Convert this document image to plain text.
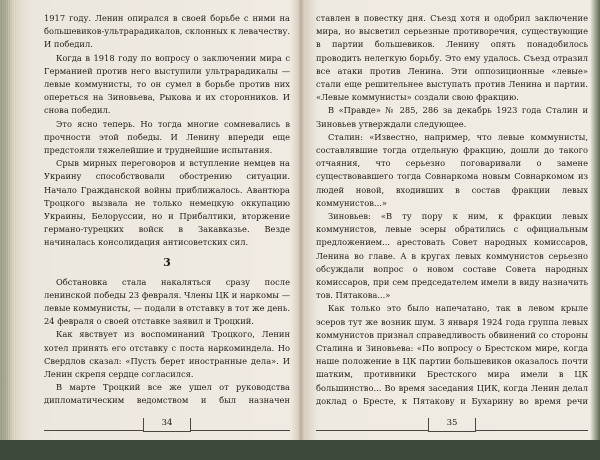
1917 году. Ленин опирался в своей борьбе с ними на большевиков-ультрарадикалов, склонных к левачеству. И победил.

Когда в 1918 году по вопросу о заключении мира с Германией против него выступили ультрарадикалы — левые коммунисты, то он сумел в борьбе против них опереться на Зиновьева, Рыкова и их сторонников. И снова победил.

Это ясно теперь. Но тогда многие сомневались в прочности этой победы. И Ленину впереди еще предстояли тяжелейшие и труднейшие испытания.

Срыв мирных переговоров и вступление немцев на Украину способствовали обострению ситуации. Начало Гражданской войны приближалось. Авантюра Троцкого вызвала не только немецкую оккупацию Украины, Белоруссии, но и Прибалтики, вторжение германо-турецких войск в Закавказье. Везде начиналась консолидация антисоветских сил.

3

Обстановка стала накаляться сразу после ленинской победы 23 февраля. Члены ЦК и наркомы — левые коммунисты, — подали в отставку в тот же день. 24 февраля о своей отставке заявил и Троцкий.

Как явствует из воспоминаний Троцкого, Ленин хотел принять его отставку с поста наркоминдела. Но Свердлов сказал: «Пусть берет иностранные дела». И Ленин скрепя сердце согласился.

В марте Троцкий все же ушел от руководства дипломатическим ведомством и был назначен

ставлен в повестку дня. Съезд хотя и одобрил заключение мира, но высветил серьезные противоречия, существующие в партии большевиков. Ленину опять понадобилось проводить нелегкую борьбу. Это ему удалось. Съезд отразил все атаки против Ленина. Эти оппозиционные «левые» стали еще решительнее выступать против Ленина и партии. «Левые коммунисты» создали свою фракцию.

В «Правде» № 285, 286 за декабрь 1923 года Сталин и Зиновьев утверждали следующее.

Сталин: «Известно, например, что левые коммунисты, составлявшие тогда отдельную фракцию, дошли до такого отчаяния, что серьезно поговаривали о замене существовавшего тогда Совнаркома новым Совнаркомом из людей новой, входивших в состав фракции левых коммунистов...»

Зиновьев: «В ту пору к ним, к фракции левых коммунистов, левые эсеры обратились с официальным предложением... арестовать Совет народных комиссаров, Ленина во главе. А в кругах левых коммунистов серьезно обсуждали вопрос о новом составе Совета народных комиссаров, при сем председателем имели в виду назначить тов. Пятакова...»

Как только это было напечатано, так в левом крыле эсеров тут же возник шум. 3 января 1924 года группа левых коммунистов признал справедливость обвинений со стороны Сталина и Зиновьева: «По вопросу о Брестском мире, когда наше положение в ЦК партии большевиков оказалось почти шатким, противники Брестского мира имели в ЦК большинство... Во время заседания ЦИК, когда Ленин делал доклад о Бресте, к Пятакову и Бухарину во время речи

34	35
